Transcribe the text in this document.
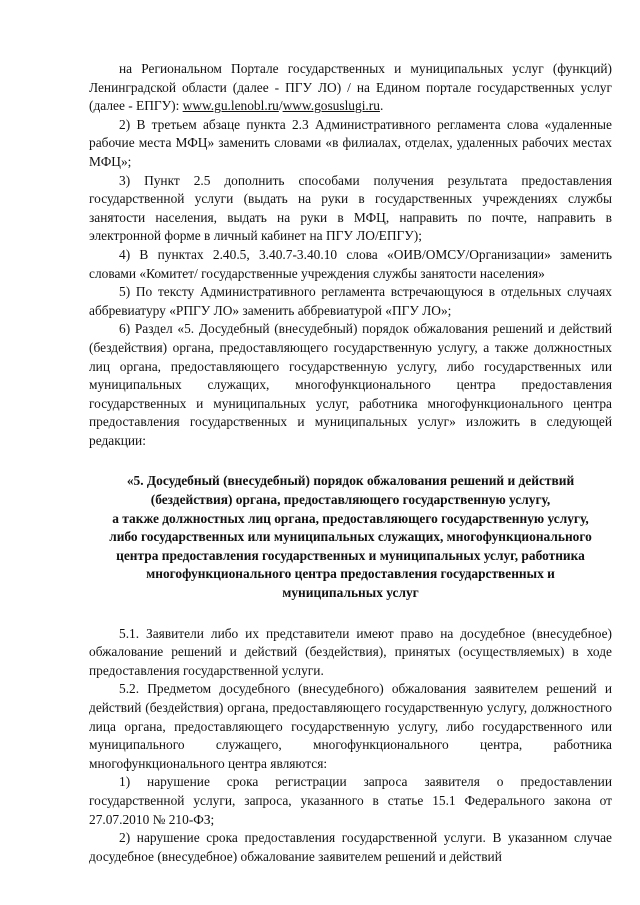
на Региональном Портале государственных и муниципальных услуг (функций) Ленинградской области (далее - ПГУ ЛО) / на Едином портале государственных услуг (далее - ЕПГУ): www.gu.lenobl.ru/www.gosuslugi.ru.

2) В третьем абзаце пункта 2.3 Административного регламента слова «удаленные рабочие места МФЦ» заменить словами «в филиалах, отделах, удаленных рабочих местах МФЦ»;

3) Пункт 2.5 дополнить способами получения результата предоставления государственной услуги (выдать на руки в государственных учреждениях службы занятости населения, выдать на руки в МФЦ, направить по почте, направить в электронной форме в личный кабинет на ПГУ ЛО/ЕПГУ);

4) В пунктах 2.40.5, 3.40.7-3.40.10 слова «ОИВ/ОМСУ/Организации» заменить словами «Комитет/ государственные учреждения службы занятости населения»

5) По тексту Административного регламента встречающуюся в отдельных случаях аббревиатуру «РПГУ ЛО» заменить аббревиатурой «ПГУ ЛО»;

6) Раздел «5. Досудебный (внесудебный) порядок обжалования решений и действий (бездействия) органа, предоставляющего государственную услугу, а также должностных лиц органа, предоставляющего государственную услугу, либо государственных или муниципальных служащих, многофункционального центра предоставления государственных и муниципальных услуг, работника многофункционального центра предоставления государственных и муниципальных услуг» изложить в следующей редакции:

«5. Досудебный (внесудебный) порядок обжалования решений и действий

(бездействия) органа, предоставляющего государственную услугу,

а также должностных лиц органа, предоставляющего государственную услугу,

либо государственных или муниципальных служащих, многофункционального

центра предоставления государственных и муниципальных услуг, работника

многофункционального центра предоставления государственных и

муниципальных услуг

5.1. Заявители либо их представители имеют право на досудебное (внесудебное) обжалование решений и действий (бездействия), принятых (осуществляемых) в ходе предоставления государственной услуги.

5.2. Предметом досудебного (внесудебного) обжалования заявителем решений и действий (бездействия) органа, предоставляющего государственную услугу, должностного лица органа, предоставляющего государственную услугу, либо государственного или муниципального служащего, многофункционального центра, работника многофункционального центра являются:

1) нарушение срока регистрации запроса заявителя о предоставлении государственной услуги, запроса, указанного в статье 15.1 Федерального закона от 27.07.2010 № 210-ФЗ;

2) нарушение срока предоставления государственной услуги. В указанном случае досудебное (внесудебное) обжалование заявителем решений и действий
